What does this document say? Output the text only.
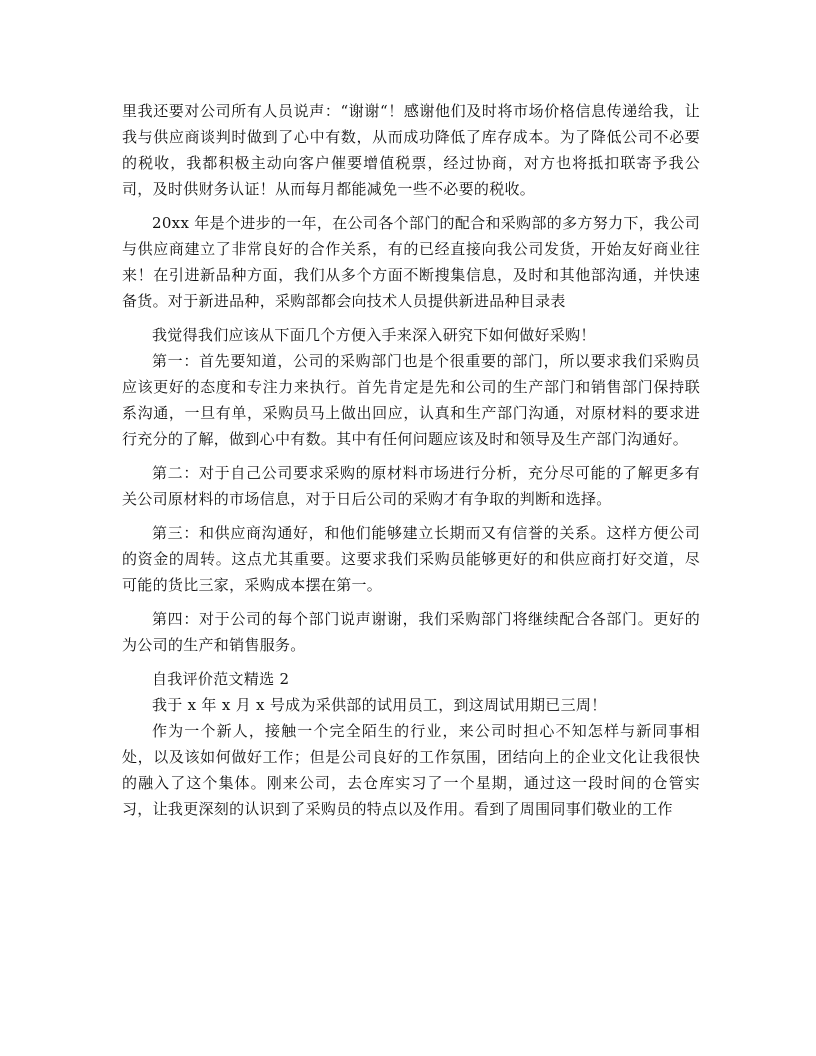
里我还要对公司所有人员说声：“谢谢“！感谢他们及时将市场价格信息传递给我，让我与供应商谈判时做到了心中有数，从而成功降低了库存成本。为了降低公司不必要的税收，我都积极主动向客户催要增值税票，经过协商，对方也将抵扣联寄予我公司，及时供财务认证！从而每月都能减免一些不必要的税收。

20xx 年是个进步的一年，在公司各个部门的配合和采购部的多方努力下，我公司与供应商建立了非常良好的合作关系，有的已经直接向我公司发货，开始友好商业往来！在引进新品种方面，我们从多个方面不断搜集信息，及时和其他部沟通，并快速备货。对于新进品种，采购部都会向技术人员提供新进品种目录表

我觉得我们应该从下面几个方便入手来深入研究下如何做好采购！

第一：首先要知道，公司的采购部门也是个很重要的部门，所以要求我们采购员应该更好的态度和专注力来执行。首先肯定是先和公司的生产部门和销售部门保持联系沟通，一旦有单，采购员马上做出回应，认真和生产部门沟通，对原材料的要求进行充分的了解，做到心中有数。其中有任何问题应该及时和领导及生产部门沟通好。

第二：对于自己公司要求采购的原材料市场进行分析，充分尽可能的了解更多有关公司原材料的市场信息，对于日后公司的采购才有争取的判断和选择。

第三：和供应商沟通好，和他们能够建立长期而又有信誉的关系。这样方便公司的资金的周转。这点尤其重要。这要求我们采购员能够更好的和供应商打好交道，尽可能的货比三家，采购成本摆在第一。

第四：对于公司的每个部门说声谢谢，我们采购部门将继续配合各部门。更好的为公司的生产和销售服务。

自我评价范文精选 2

我于 x 年 x 月 x 号成为采供部的试用员工，到这周试用期已三周！

作为一个新人，接触一个完全陌生的行业，来公司时担心不知怎样与新同事相处，以及该如何做好工作；但是公司良好的工作氛围，团结向上的企业文化让我很快的融入了这个集体。刚来公司，去仓库实习了一个星期，通过这一段时间的仓管实习，让我更深刻的认识到了采购员的特点以及作用。看到了周围同事们敬业的工作
